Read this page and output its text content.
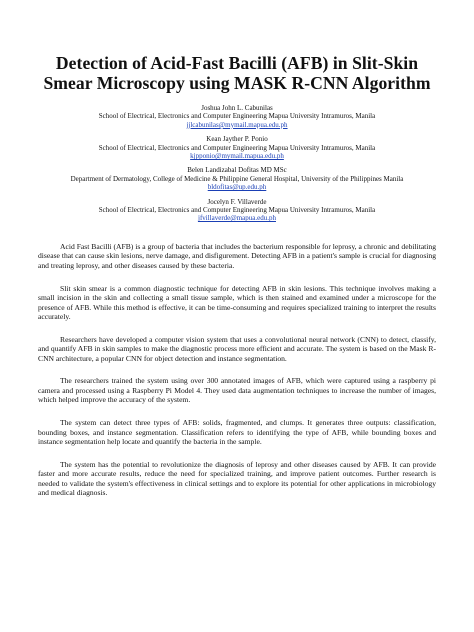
Detection of Acid-Fast Bacilli (AFB) in Slit-Skin Smear Microscopy using MASK R-CNN Algorithm
Joshua John L. Cabunilas
School of Electrical, Electronics and Computer Engineering Mapua University Intramuros, Manila
jjlcabunilas@mymail.mapua.edu.ph
Kean Jayther P. Ponio
School of Electrical, Electronics and Computer Engineering Mapua University Intramuros, Manila
kjpponio@mymail.mapua.edu.ph
Belen Landizabal Dofitas MD MSc
Department of Dermatology, College of Medicine & Philippine General Hospital, University of the Philippines Manila
bldofitas@up.edu.ph
Jocelyn F. Villaverde
School of Electrical, Electronics and Computer Engineering Mapua University Intramuros, Manila
jfvillaverde@mapua.edu.ph

Acid Fast Bacilli (AFB) is a group of bacteria that includes the bacterium responsible for leprosy, a chronic and debilitating disease that can cause skin lesions, nerve damage, and disfigurement. Detecting AFB in a patient's sample is crucial for diagnosing and treating leprosy, and other diseases caused by these bacteria.

Slit skin smear is a common diagnostic technique for detecting AFB in skin lesions. This technique involves making a small incision in the skin and collecting a small tissue sample, which is then stained and examined under a microscope for the presence of AFB. While this method is effective, it can be time-consuming and requires specialized training to interpret the results accurately.

Researchers have developed a computer vision system that uses a convolutional neural network (CNN) to detect, classify, and quantify AFB in skin samples to make the diagnostic process more efficient and accurate. The system is based on the Mask R-CNN architecture, a popular CNN for object detection and instance segmentation.

The researchers trained the system using over 300 annotated images of AFB, which were captured using a raspberry pi camera and processed using a Raspberry Pi Model 4. They used data augmentation techniques to increase the number of images, which helped improve the accuracy of the system.

The system can detect three types of AFB: solids, fragmented, and clumps. It generates three outputs: classification, bounding boxes, and instance segmentation. Classification refers to identifying the type of AFB, while bounding boxes and instance segmentation help locate and quantify the bacteria in the sample.

The system has the potential to revolutionize the diagnosis of leprosy and other diseases caused by AFB. It can provide faster and more accurate results, reduce the need for specialized training, and improve patient outcomes. Further research is needed to validate the system's effectiveness in clinical settings and to explore its potential for other applications in microbiology and medical diagnosis.
